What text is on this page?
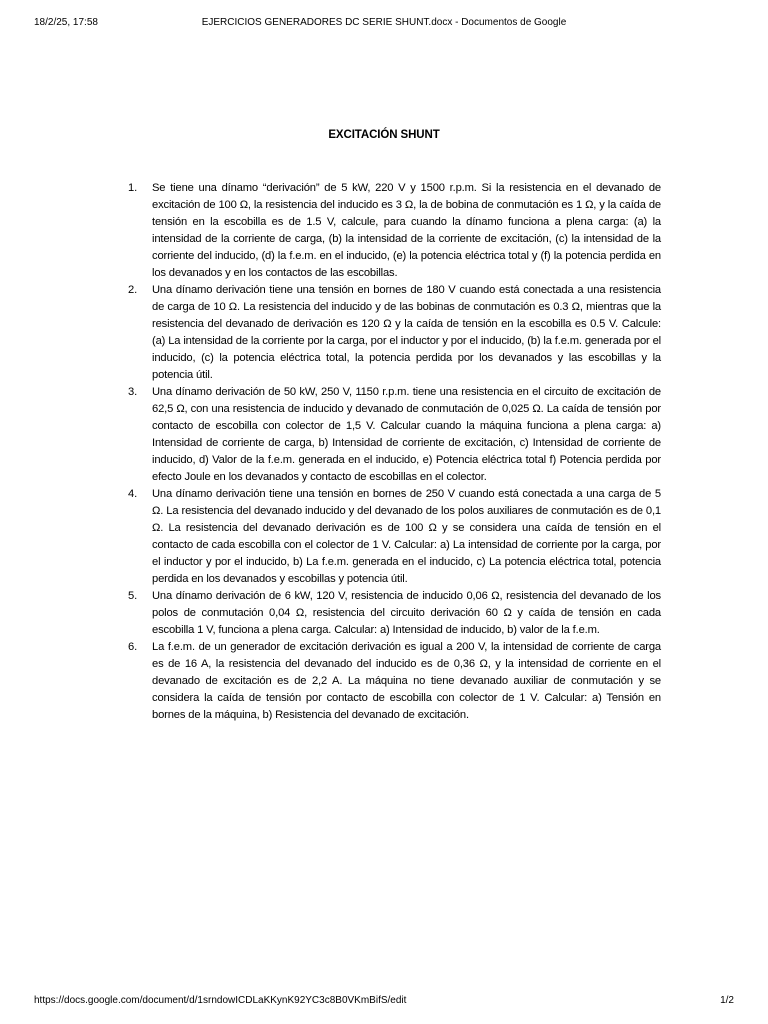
18/2/25, 17:58	EJERCICIOS GENERADORES DC SERIE SHUNT.docx - Documentos de Google
EXCITACIÓN SHUNT
1. Se tiene una dínamo “derivación” de 5 kW, 220 V y 1500 r.p.m. Si la resistencia en el devanado de excitación de 100 Ω, la resistencia del inducido es 3 Ω, la de bobina de conmutación es 1 Ω, y la caída de tensión en la escobilla es de 1.5 V, calcule, para cuando la dínamo funciona a plena carga: (a) la intensidad de la corriente de carga, (b) la intensidad de la corriente de excitación, (c) la intensidad de la corriente del inducido, (d) la f.e.m. en el inducido, (e) la potencia eléctrica total y (f) la potencia perdida en los devanados y en los contactos de las escobillas.
2. Una dínamo derivación tiene una tensión en bornes de 180 V cuando está conectada a una resistencia de carga de 10 Ω. La resistencia del inducido y de las bobinas de conmutación es 0.3 Ω, mientras que la resistencia del devanado de derivación es 120 Ω y la caída de tensión en la escobilla es 0.5 V. Calcule: (a) La intensidad de la corriente por la carga, por el inductor y por el inducido, (b) la f.e.m. generada por el inducido, (c) la potencia eléctrica total, la potencia perdida por los devanados y las escobillas y la potencia útil.
3. Una dínamo derivación de 50 kW, 250 V, 1150 r.p.m. tiene una resistencia en el circuito de excitación de 62,5 Ω, con una resistencia de inducido y devanado de conmutación de 0,025 Ω. La caída de tensión por contacto de escobilla con colector de 1,5 V. Calcular cuando la máquina funciona a plena carga: a) Intensidad de corriente de carga, b) Intensidad de corriente de excitación, c) Intensidad de corriente de inducido, d) Valor de la f.e.m. generada en el inducido, e) Potencia eléctrica total f) Potencia perdida por efecto Joule en los devanados y contacto de escobillas en el colector.
4. Una dínamo derivación tiene una tensión en bornes de 250 V cuando está conectada a una carga de 5 Ω. La resistencia del devanado inducido y del devanado de los polos auxiliares de conmutación es de 0,1 Ω. La resistencia del devanado derivación es de 100 Ω y se considera una caída de tensión en el contacto de cada escobilla con el colector de 1 V. Calcular: a) La intensidad de corriente por la carga, por el inductor y por el inducido, b) La f.e.m. generada en el inducido, c) La potencia eléctrica total, potencia perdida en los devanados y escobillas y potencia útil.
5. Una dínamo derivación de 6 kW, 120 V, resistencia de inducido 0,06 Ω, resistencia del devanado de los polos de conmutación 0,04 Ω, resistencia del circuito derivación 60 Ω y caída de tensión en cada escobilla 1 V, funciona a plena carga. Calcular: a) Intensidad de inducido, b) valor de la f.e.m.
6. La f.e.m. de un generador de excitación derivación es igual a 200 V, la intensidad de corriente de carga es de 16 A, la resistencia del devanado del inducido es de 0,36 Ω, y la intensidad de corriente en el devanado de excitación es de 2,2 A. La máquina no tiene devanado auxiliar de conmutación y se considera la caída de tensión por contacto de escobilla con colector de 1 V. Calcular: a) Tensión en bornes de la máquina, b) Resistencia del devanado de excitación.
https://docs.google.com/document/d/1srndowICDLaKKynK92YC3c8B0VKmBifS/edit	1/2
